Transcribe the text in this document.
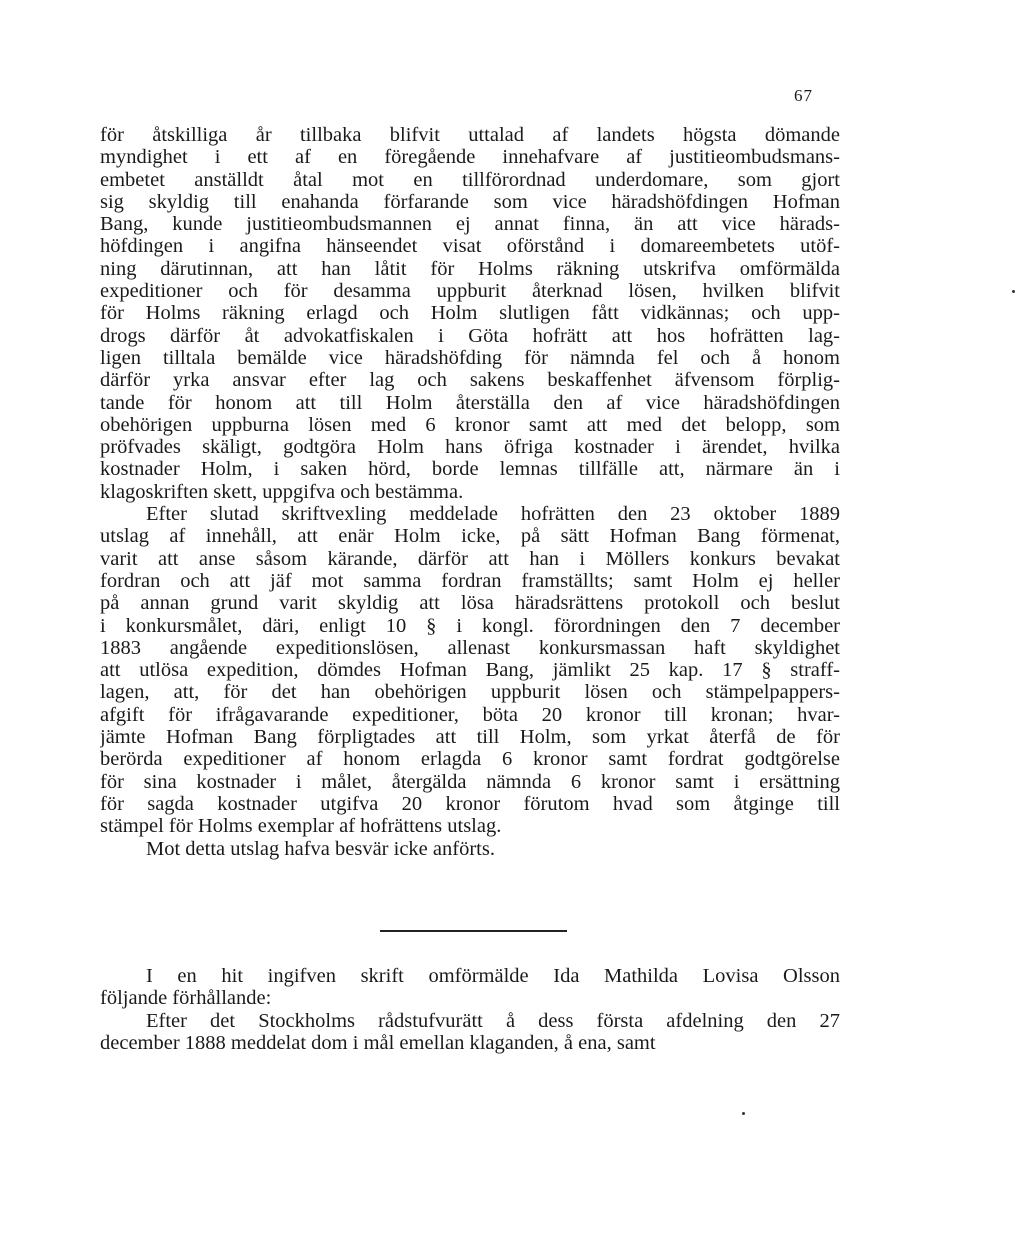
67
för åtskilliga år tillbaka blifvit uttalad af landets högsta dömande
myndighet i ett af en föregående innehafvare af justitieombudsmans-
embetet anställdt åtal mot en tillförordnad underdomare, som gjort
sig skyldig till enahanda förfarande som vice häradshöfdingen Hofman
Bang, kunde justitieombudsmannen ej annat finna, än att vice härads-
höfdingen i angifna hänseendet visat oförstånd i domareembetets utöf-
ning därutinnan, att han låtit för Holms räkning utskrifva omförmälda
expeditioner och för desamma uppburit återknad lösen, hvilken blifvit
för Holms räkning erlagd och Holm slutligen fått vidkännas; och upp-
drogs därför åt advokatfiskalen i Göta hofrätt att hos hofrätten lag-
ligen tilltala bemälde vice häradshöfding för nämnda fel och å honom
därför yrka ansvar efter lag och sakens beskaffenhet äfvensom förplig-
tande för honom att till Holm återställa den af vice häradshöfdingen
obehörigen uppburna lösen med 6 kronor samt att med det belopp, som
pröfvades skäligt, godtgöra Holm hans öfriga kostnader i ärendet, hvilka
kostnader Holm, i saken hörd, borde lemnas tillfälle att, närmare än i
klagoskriften skett, uppgifva och bestämma.
Efter slutad skriftvexling meddelade hofrätten den 23 oktober 1889
utslag af innehåll, att enär Holm icke, på sätt Hofman Bang förmenat,
varit att anse såsom kärande, därför att han i Möllers konkurs bevakat
fordran och att jäf mot samma fordran framställts; samt Holm ej heller
på annan grund varit skyldig att lösa häradsrättens protokoll och beslut
i konkursmålet, däri, enligt 10 § i kongl. förordningen den 7 december
1883 angående expeditionslösen, allenast konkursmassan haft skyldighet
att utlösa expedition, dömdes Hofman Bang, jämlikt 25 kap. 17 § straff-
lagen, att, för det han obehörigen uppburit lösen och stämpelpappers-
afgift för ifrågavarande expeditioner, böta 20 kronor till kronan; hvar-
jämte Hofman Bang förpligtades att till Holm, som yrkat återfå de för
berörda expeditioner af honom erlagda 6 kronor samt fordrat godtgörelse
för sina kostnader i målet, återgälda nämnda 6 kronor samt i ersättning
för sagda kostnader utgifva 20 kronor förutom hvad som åtginge till
stämpel för Holms exemplar af hofrättens utslag.
Mot detta utslag hafva besvär icke anförts.
I en hit ingifven skrift omförmälde Ida Mathilda Lovisa Olsson
följande förhållande:
Efter det Stockholms rådstufvurätt å dess första afdelning den 27
december 1888 meddelat dom i mål emellan klaganden, å ena, samt
